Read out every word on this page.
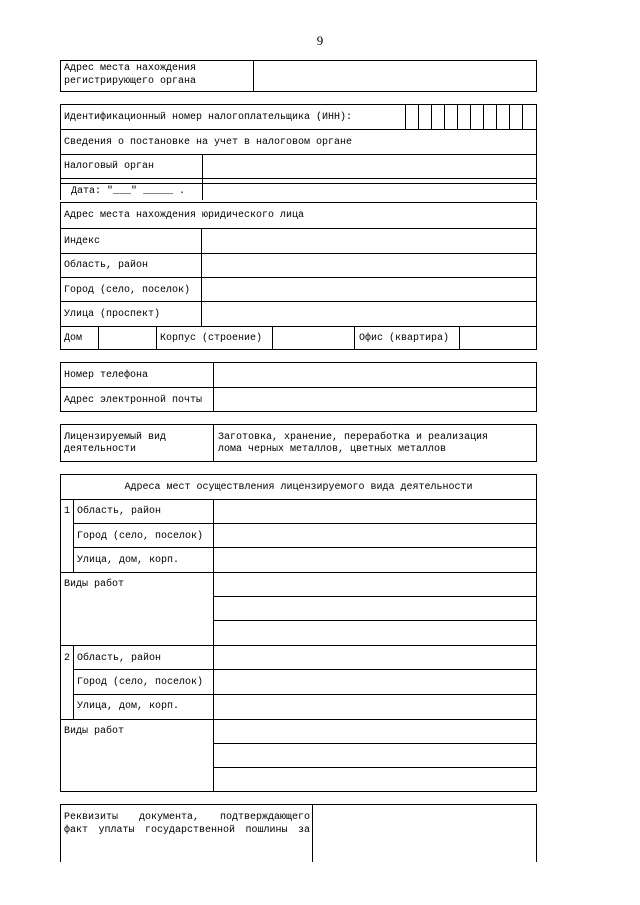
9
Адрес места нахождения
регистрирующего органа
Идентификационный номер налогоплательщика (ИНН):
Сведения о постановке на учет в налоговом органе
Налоговый орган
Дата: "___" _____ .
Адрес места нахождения юридического лица
Индекс
Область, район
Город (село, поселок)
Улица (проспект)
Дом	Корпус (строение)	Офис (квартира)
Номер телефона
Адрес электронной почты
Лицензируемый вид
деятельности
Заготовка, хранение, переработка и реализация
лома черных металлов, цветных металлов
Адреса мест осуществления лицензируемого вида деятельности
1 Область, район
Город (село, поселок)
Улица, дом, корп.
Виды работ
2 Область, район
Город (село, поселок)
Улица, дом, корп.
Виды работ
Реквизиты документа, подтверждающего
факт уплаты государственной пошлины за
